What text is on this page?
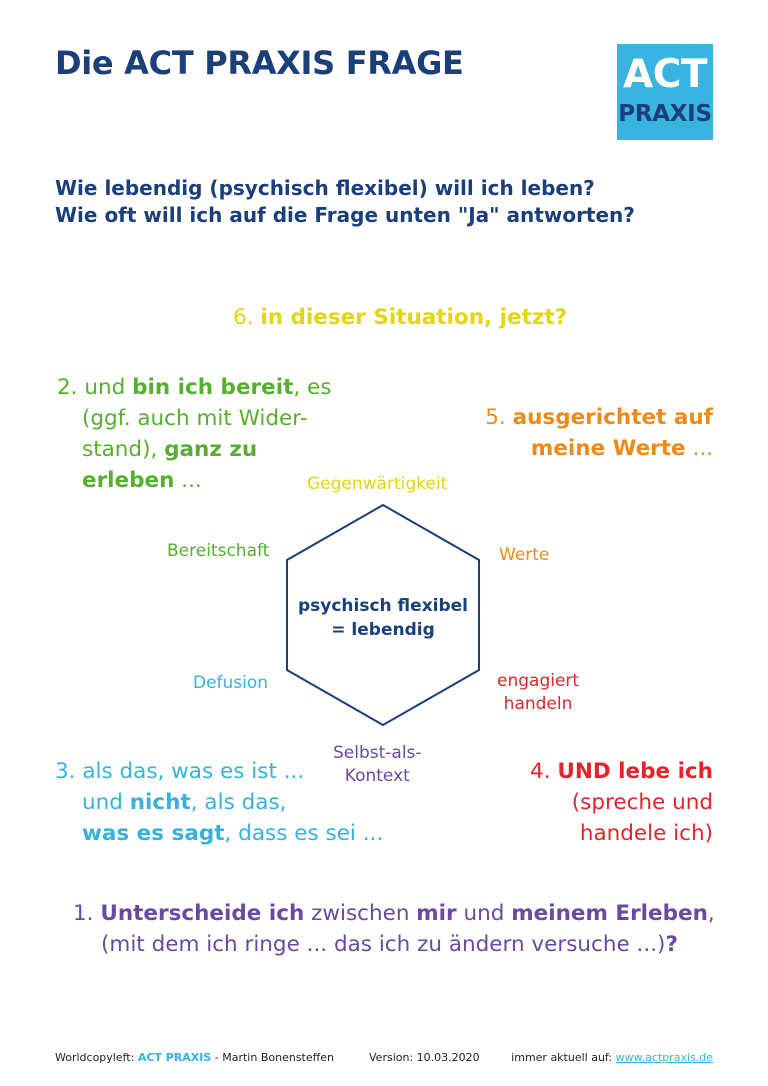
Die ACT PRAXIS FRAGE	ACT
PRAXIS
Wie lebendig (psychisch flexibel) will ich leben?
Wie oft will ich auf die Frage unten "Ja" antworten?
6. in dieser Situation, jetzt?
2. und bin ich bereit, es
(ggf. auch mit Wider-
stand), ganz zu
erleben ...
5. ausgerichtet auf
meine Werte ...
psychisch flexibel
= lebendig
Gegenwärtigkeit
Werte
engagiert
handeln
Selbst-als-
Kontext
Defusion
Bereitschaft
3. als das, was es ist ...
und nicht, als das,
was es sagt, dass es sei ...
4. UND lebe ich
(spreche und
handele ich)
1. Unterscheide ich zwischen mir und meinem Erleben,
(mit dem ich ringe ... das ich zu ändern versuche ...)?
Worldcopyleft: ACT PRAXIS - Martin Bonensteffen	Version: 10.03.2020	immer aktuell auf: www.actpraxis.de
